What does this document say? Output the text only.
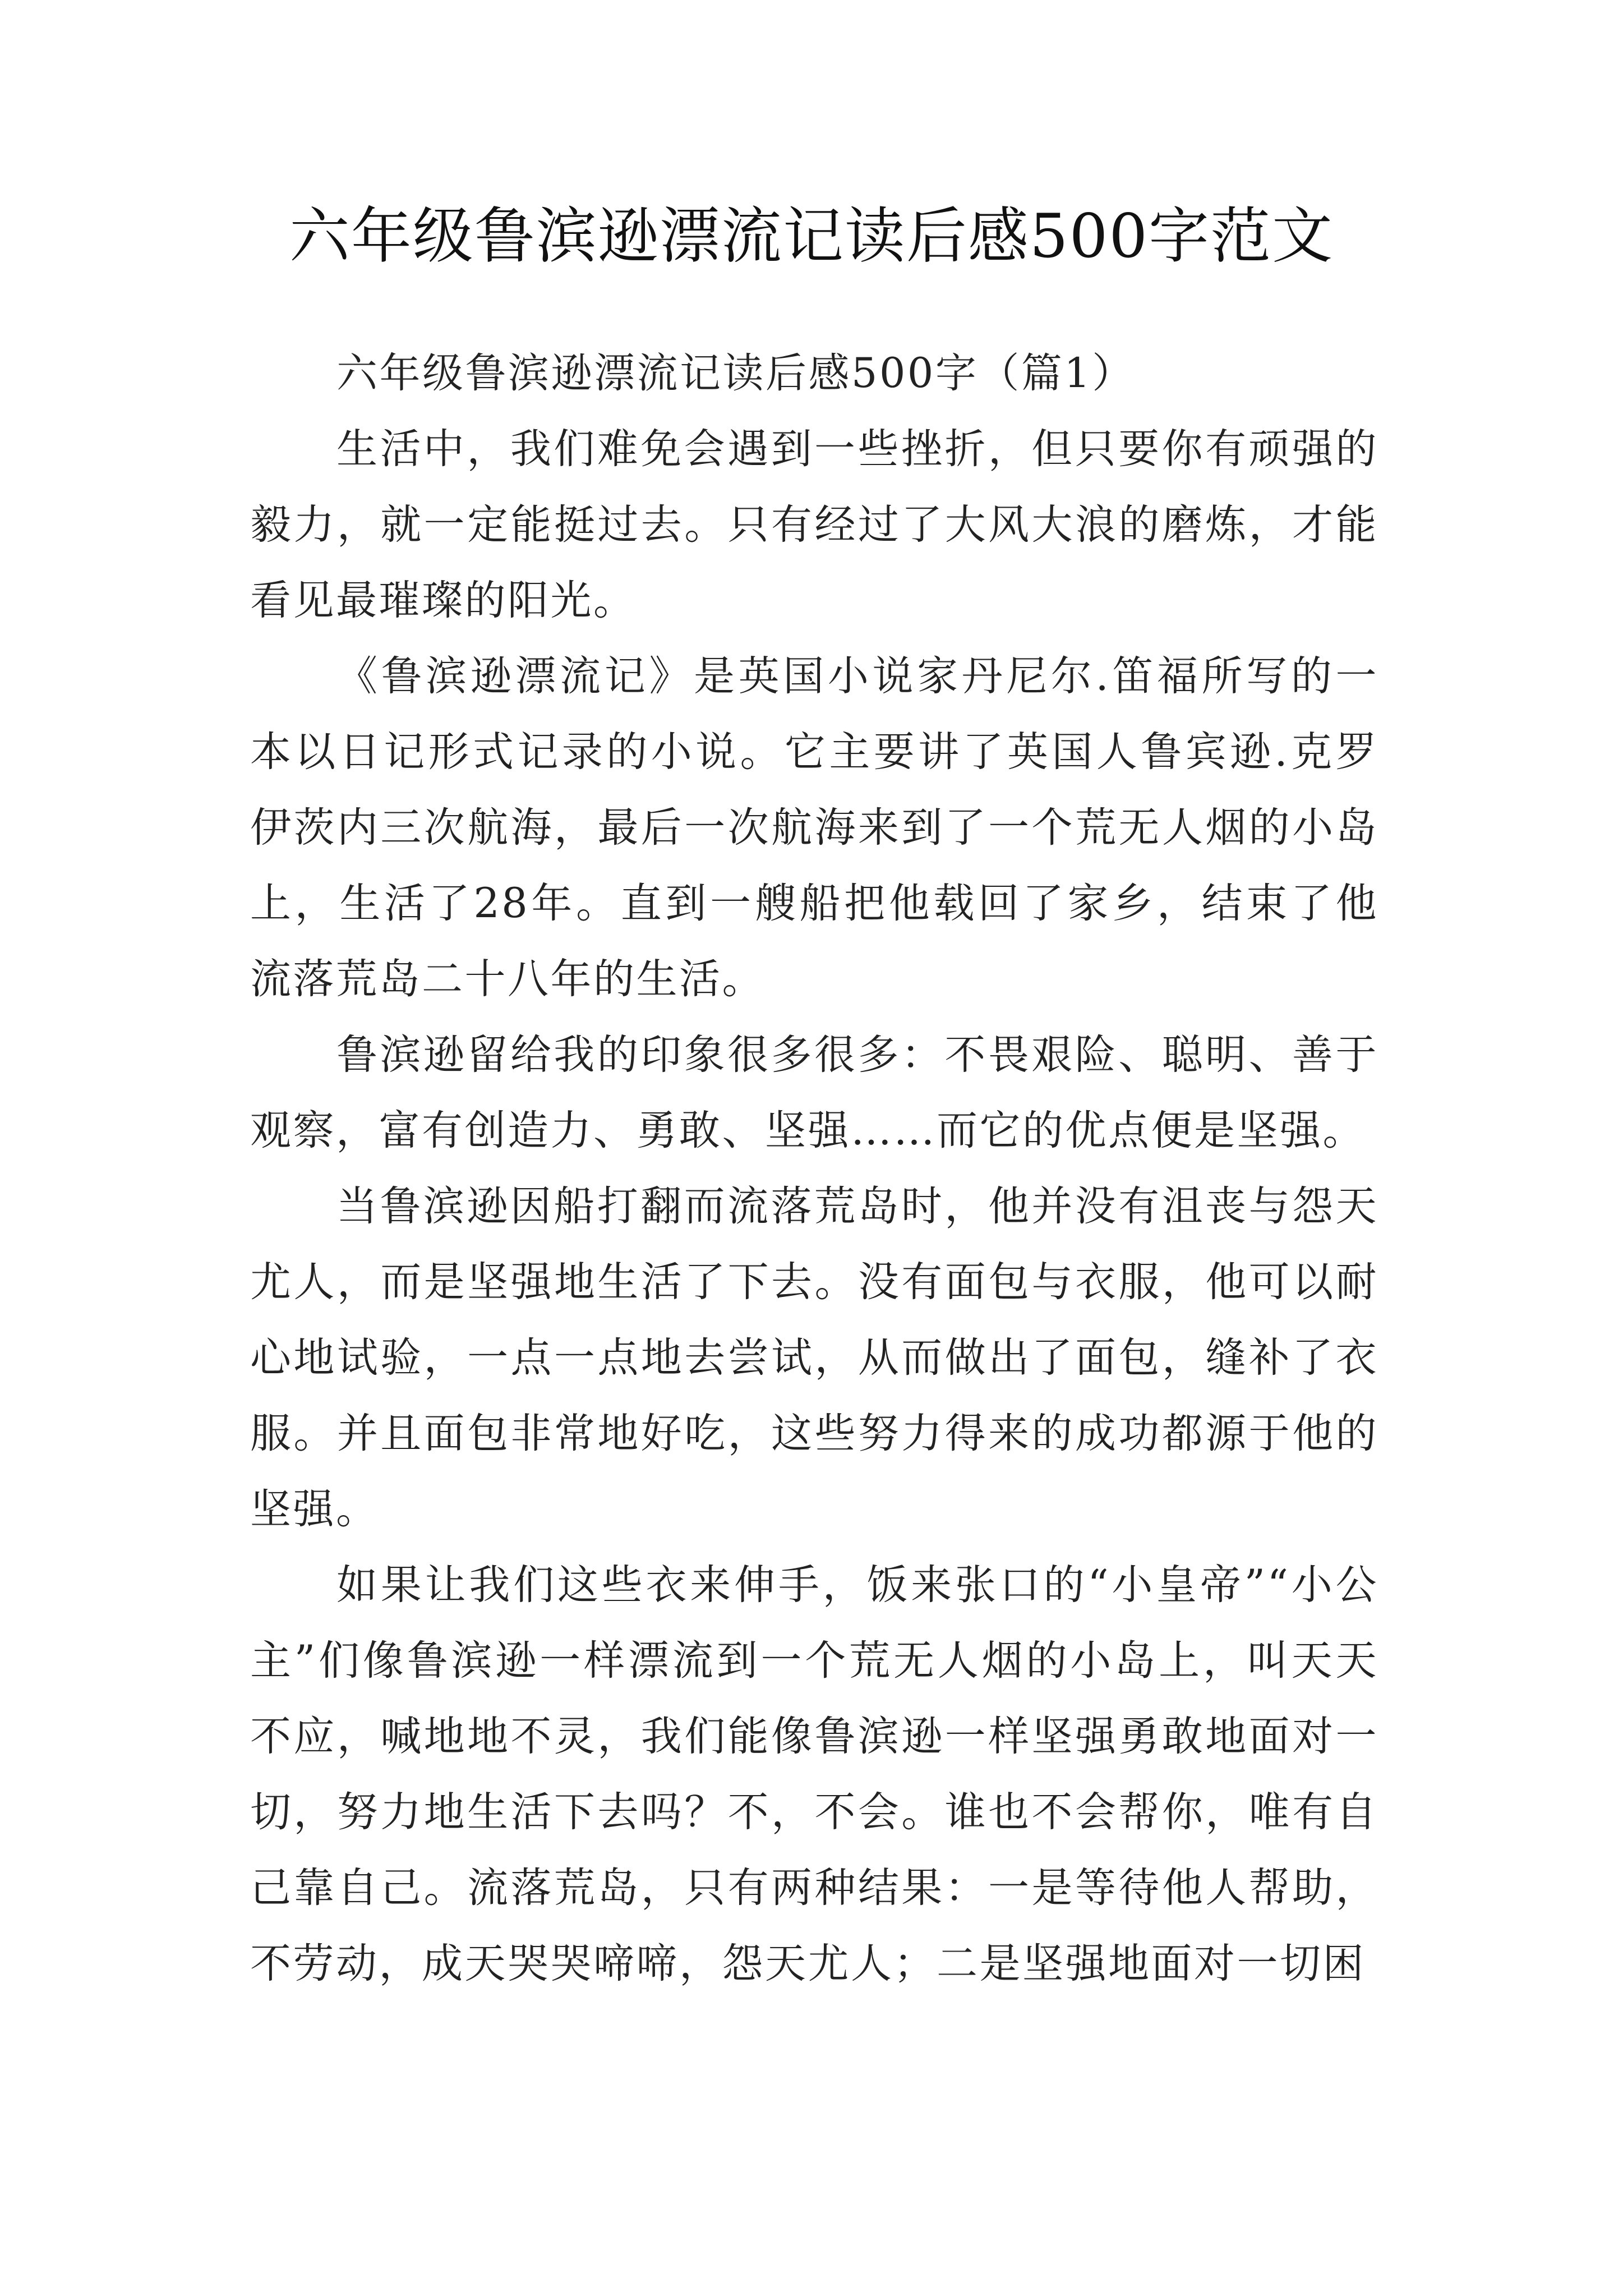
六年级鲁滨逊漂流记读后感500字范文

六年级鲁滨逊漂流记读后感500字（篇1）

生活中，我们难免会遇到一些挫折，但只要你有顽强的毅力，就一定能挺过去。只有经过了大风大浪的磨炼，才能看见最璀璨的阳光。

《鲁滨逊漂流记》是英国小说家丹尼尔.笛福所写的一本以日记形式记录的小说。它主要讲了英国人鲁宾逊.克罗伊茨内三次航海，最后一次航海来到了一个荒无人烟的小岛上，生活了28年。直到一艘船把他载回了家乡，结束了他流落荒岛二十八年的生活。

鲁滨逊留给我的印象很多很多：不畏艰险、聪明、善于观察，富有创造力、勇敢、坚强……而它的优点便是坚强。

当鲁滨逊因船打翻而流落荒岛时，他并没有沮丧与怨天尤人，而是坚强地生活了下去。没有面包与衣服，他可以耐心地试验，一点一点地去尝试，从而做出了面包，缝补了衣服。并且面包非常地好吃，这些努力得来的成功都源于他的坚强。

如果让我们这些衣来伸手，饭来张口的“小皇帝”“小公主”们像鲁滨逊一样漂流到一个荒无人烟的小岛上，叫天天不应，喊地地不灵，我们能像鲁滨逊一样坚强勇敢地面对一切，努力地生活下去吗？不，不会。谁也不会帮你，唯有自己靠自己。流落荒岛，只有两种结果：一是等待他人帮助，不劳动，成天哭哭啼啼，怨天尤人；二是坚强地面对一切困
